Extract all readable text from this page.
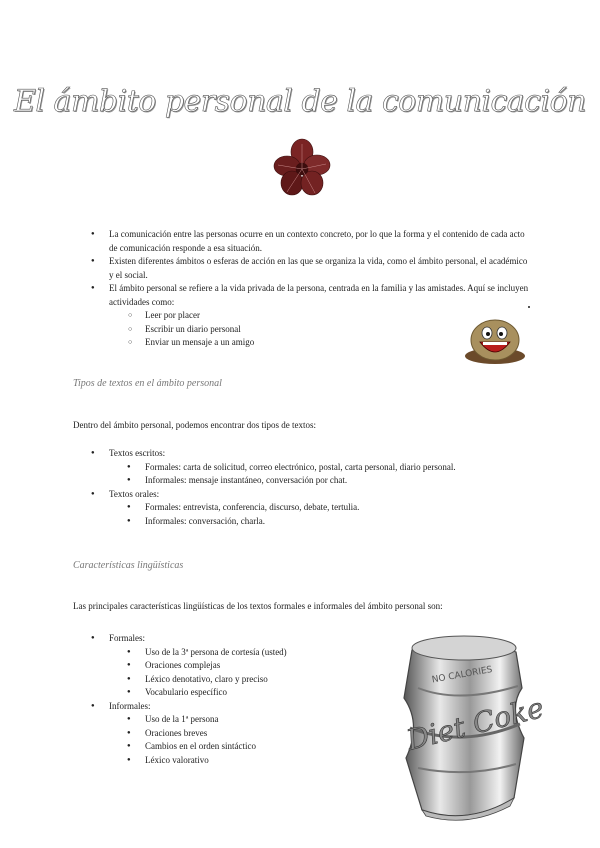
El ámbito personal de la comunicación
● La comunicación entre las personas ocurre en un contexto concreto, por lo que la forma y el contenido de cada acto de comunicación responde a esa situación.
● Existen diferentes ámbitos o esferas de acción en las que se organiza la vida, como el ámbito personal, el académico y el social.
● El ámbito personal se refiere a la vida privada de la persona, centrada en la familia y las amistades. Aquí se incluyen actividades como:
○ Leer por placer
○ Escribir un diario personal
○ Enviar un mensaje a un amigo
Tipos de textos en el ámbito personal
Dentro del ámbito personal, podemos encontrar dos tipos de textos:
● Textos escritos:
● Formales: carta de solicitud, correo electrónico, postal, carta personal, diario personal.
● Informales: mensaje instantáneo, conversación por chat.
● Textos orales:
● Formales: entrevista, conferencia, discurso, debate, tertulia.
● Informales: conversación, charla.
Características lingüísticas
Las principales características lingüísticas de los textos formales e informales del ámbito personal son:
● Formales:
● Uso de la 3ª persona de cortesía (usted)
● Oraciones complejas
● Léxico denotativo, claro y preciso
● Vocabulario específico
● Informales:
● Uso de la 1ª persona
● Oraciones breves
● Cambios en el orden sintáctico
● Léxico valorativo
NO CALORIES
Diet Coke
